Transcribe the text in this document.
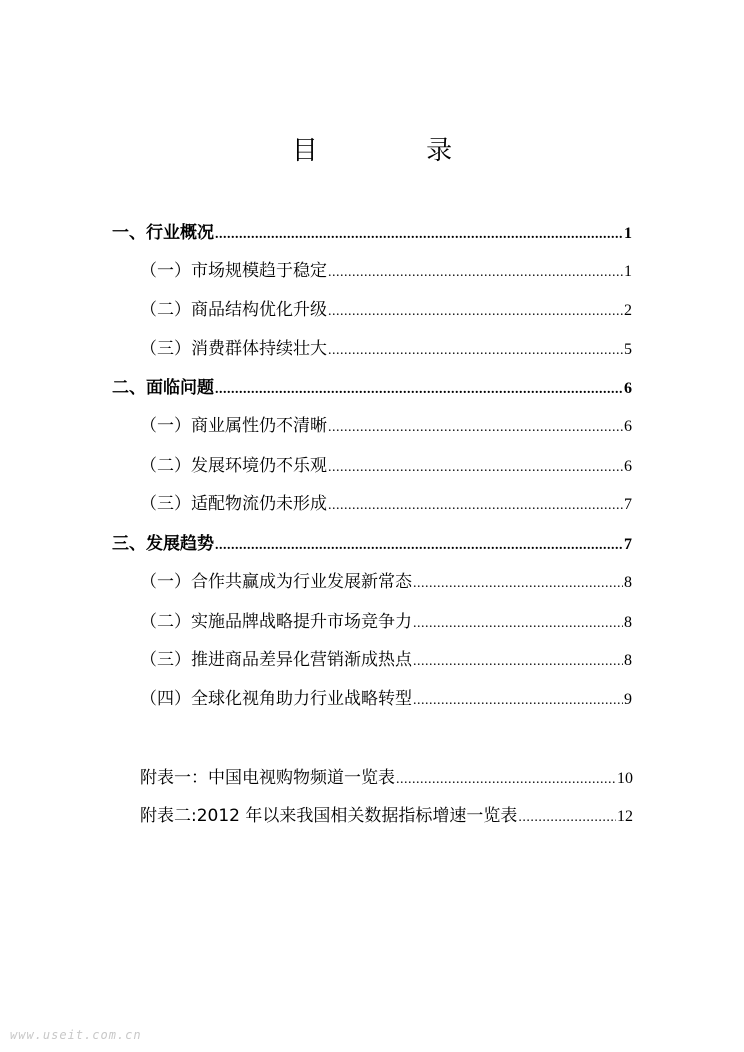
目 录
一、行业概况 .....	1
（一）市场规模趋于稳定 .....	1
（二）商品结构优化升级 .....	2
（三）消费群体持续壮大 .....	5
二、面临问题 .....	6
（一）商业属性仍不清晰 .....	6
（二）发展环境仍不乐观 .....	6
（三）适配物流仍未形成 .....	7
三、发展趋势 .....	7
（一）合作共赢成为行业发展新常态 .....	8
（二）实施品牌战略提升市场竞争力 .....	8
（三）推进商品差异化营销渐成热点 .....	8
（四）全球化视角助力行业战略转型 .....	9
附表一：中国电视购物频道一览表 .....	10
附表二:2012 年以来我国相关数据指标增速一览表 .....	12
www.useit.com.cn
